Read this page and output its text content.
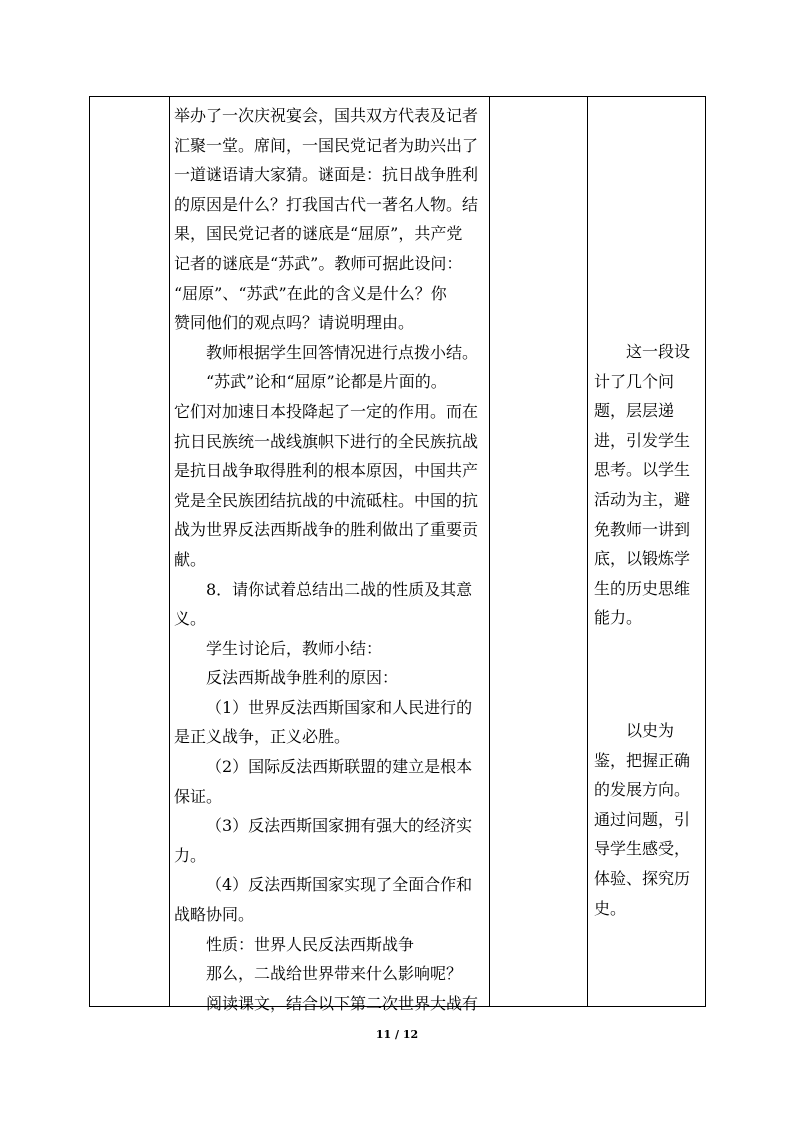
举办了一次庆祝宴会，国共双方代表及记者
汇聚一堂。席间，一国民党记者为助兴出了
一道谜语请大家猜。谜面是：抗日战争胜利
的原因是什么？打我国古代一著名人物。结
果，国民党记者的谜底是“屈原”，共产党
记者的谜底是“苏武”。教师可据此设问：
“屈原”、“苏武”在此的含义是什么？你
赞同他们的观点吗？请说明理由。
教师根据学生回答情况进行点拨小结。
“苏武”论和“屈原”论都是片面的。
它们对加速日本投降起了一定的作用。而在
抗日民族统一战线旗帜下进行的全民族抗战
是抗日战争取得胜利的根本原因，中国共产
党是全民族团结抗战的中流砥柱。中国的抗
战为世界反法西斯战争的胜利做出了重要贡
献。
8．请你试着总结出二战的性质及其意
义。
学生讨论后，教师小结：
反法西斯战争胜利的原因：
（1）世界反法西斯国家和人民进行的
是正义战争，正义必胜。
（2）国际反法西斯联盟的建立是根本
保证。
（3）反法西斯国家拥有强大的经济实
力。
（4）反法西斯国家实现了全面合作和
战略协同。
性质：世界人民反法西斯战争
那么，二战给世界带来什么影响呢？
阅读课文，结合以下第二次世界大战有
　　这一段设
计了几个问
题，层层递
进，引发学生
思考。以学生
活动为主，避
免教师一讲到
底，以锻炼学
生的历史思维
能力。
　　以史为
鉴，把握正确
的发展方向。
通过问题，引
导学生感受，
体验、探究历
史。
11 / 12
